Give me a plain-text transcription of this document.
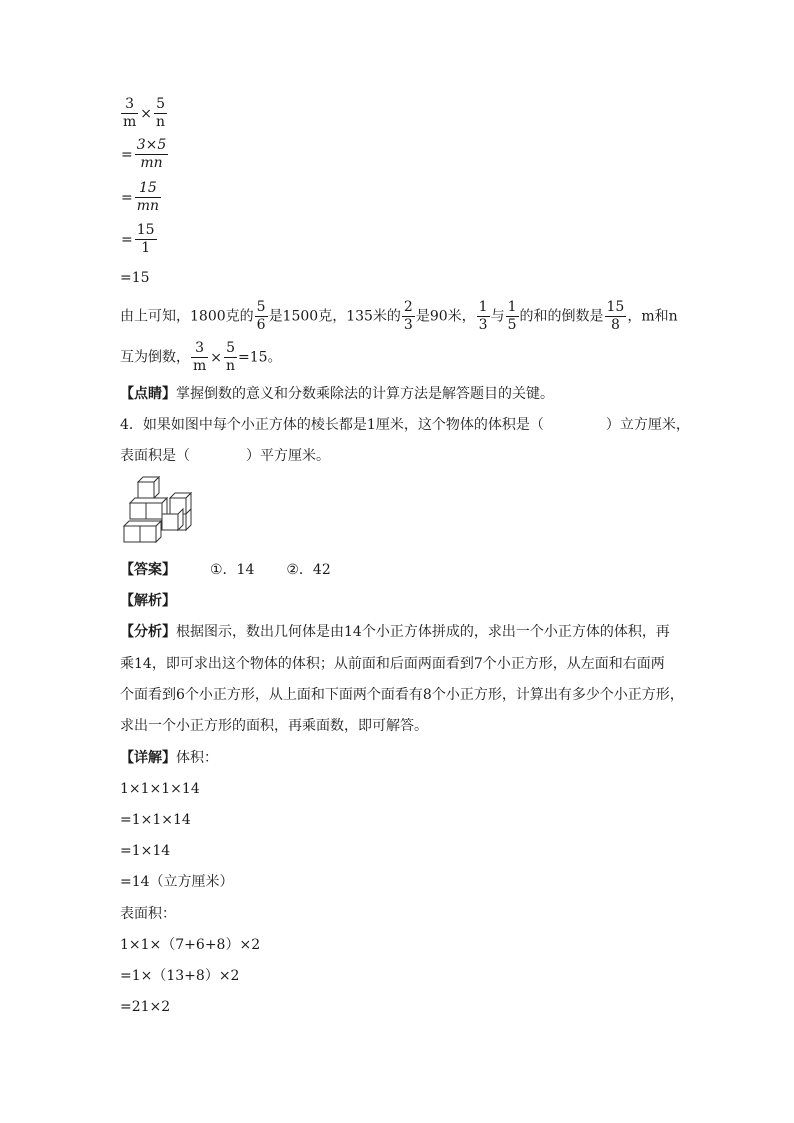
$\frac{3}{m} \times \frac{5}{n}$
= $\frac{3\times 5}{mn}$
= $\frac{15}{mn}$
= $\frac{15}{1}$
=15
由上可知，1800克的 $\frac{5}{6}$ 是1500克，135米的 $\frac{2}{3}$ 是90米， $\frac{1}{3}$ 与 $\frac{1}{5}$ 的和的倒数是 $\frac{15}{8}$ ，m和n
互为倒数， $\frac{3}{m} \times \frac{5}{n} =15$。
【点睛】掌握倒数的意义和分数乘除法的计算方法是解答题目的关键。
4．如果如图中每个小正方体的棱长都是1厘米，这个物体的体积是（	）立方厘米，
表面积是（	）平方厘米。
【答案】 ①．14 ②．42
【解析】
【分析】根据图示，数出几何体是由14个小正方体拼成的，求出一个小正方体的体积，再
乘14，即可求出这个物体的体积；从前面和后面两面看到7个小正方形，从左面和右面两
个面看到6个小正方形，从上面和下面两个面看有8个小正方形，计算出有多少个小正方形，
求出一个小正方形的面积，再乘面数，即可解答。
【详解】体积：
1×1×1×14
=1×1×14
=1×14
=14（立方厘米）
表面积：
1×1×（7+6+8）×2
=1×（13+8）×2
=21×2
